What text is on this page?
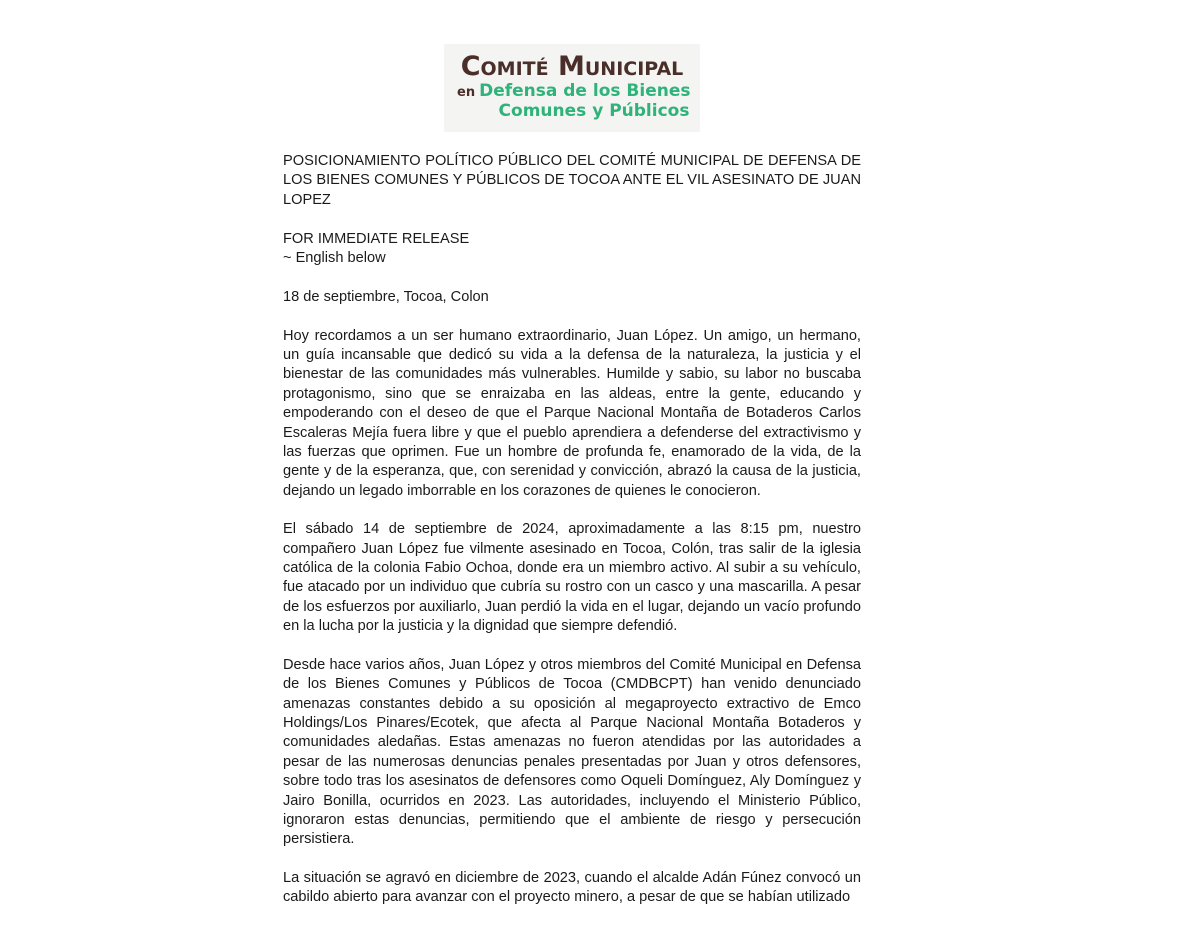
Comité Municipal
en Defensa de los Bienes
Comunes y Públicos

POSICIONAMIENTO POLÍTICO PÚBLICO DEL COMITÉ MUNICIPAL DE DEFENSA DE LOS BIENES COMUNES Y PÚBLICOS DE TOCOA ANTE EL VIL ASESINATO DE JUAN LOPEZ

FOR IMMEDIATE RELEASE

~ English below

18 de septiembre, Tocoa, Colon

Hoy recordamos a un ser humano extraordinario, Juan López. Un amigo, un hermano, un guía incansable que dedicó su vida a la defensa de la naturaleza, la justicia y el bienestar de las comunidades más vulnerables. Humilde y sabio, su labor no buscaba protagonismo, sino que se enraizaba en las aldeas, entre la gente, educando y empoderando con el deseo de que el Parque Nacional Montaña de Botaderos Carlos Escaleras Mejía fuera libre y que el pueblo aprendiera a defenderse del extractivismo y las fuerzas que oprimen. Fue un hombre de profunda fe, enamorado de la vida, de la gente y de la esperanza, que, con serenidad y convicción, abrazó la causa de la justicia, dejando un legado imborrable en los corazones de quienes le conocieron.

El sábado 14 de septiembre de 2024, aproximadamente a las 8:15 pm, nuestro compañero Juan López fue vilmente asesinado en Tocoa, Colón, tras salir de la iglesia católica de la colonia Fabio Ochoa, donde era un miembro activo. Al subir a su vehículo, fue atacado por un individuo que cubría su rostro con un casco y una mascarilla. A pesar de los esfuerzos por auxiliarlo, Juan perdió la vida en el lugar, dejando un vacío profundo en la lucha por la justicia y la dignidad que siempre defendió.

Desde hace varios años, Juan López y otros miembros del Comité Municipal en Defensa de los Bienes Comunes y Públicos de Tocoa (CMDBCPT) han venido denunciado amenazas constantes debido a su oposición al megaproyecto extractivo de Emco Holdings/Los Pinares/Ecotek, que afecta al Parque Nacional Montaña Botaderos y comunidades aledañas. Estas amenazas no fueron atendidas por las autoridades a pesar de las numerosas denuncias penales presentadas por Juan y otros defensores, sobre todo tras los asesinatos de defensores como Oqueli Domínguez, Aly Domínguez y Jairo Bonilla, ocurridos en 2023. Las autoridades, incluyendo el Ministerio Público, ignoraron estas denuncias, permitiendo que el ambiente de riesgo y persecución persistiera.

La situación se agravó en diciembre de 2023, cuando el alcalde Adán Fúnez convocó un cabildo abierto para avanzar con el proyecto minero, a pesar de que se habían utilizado
